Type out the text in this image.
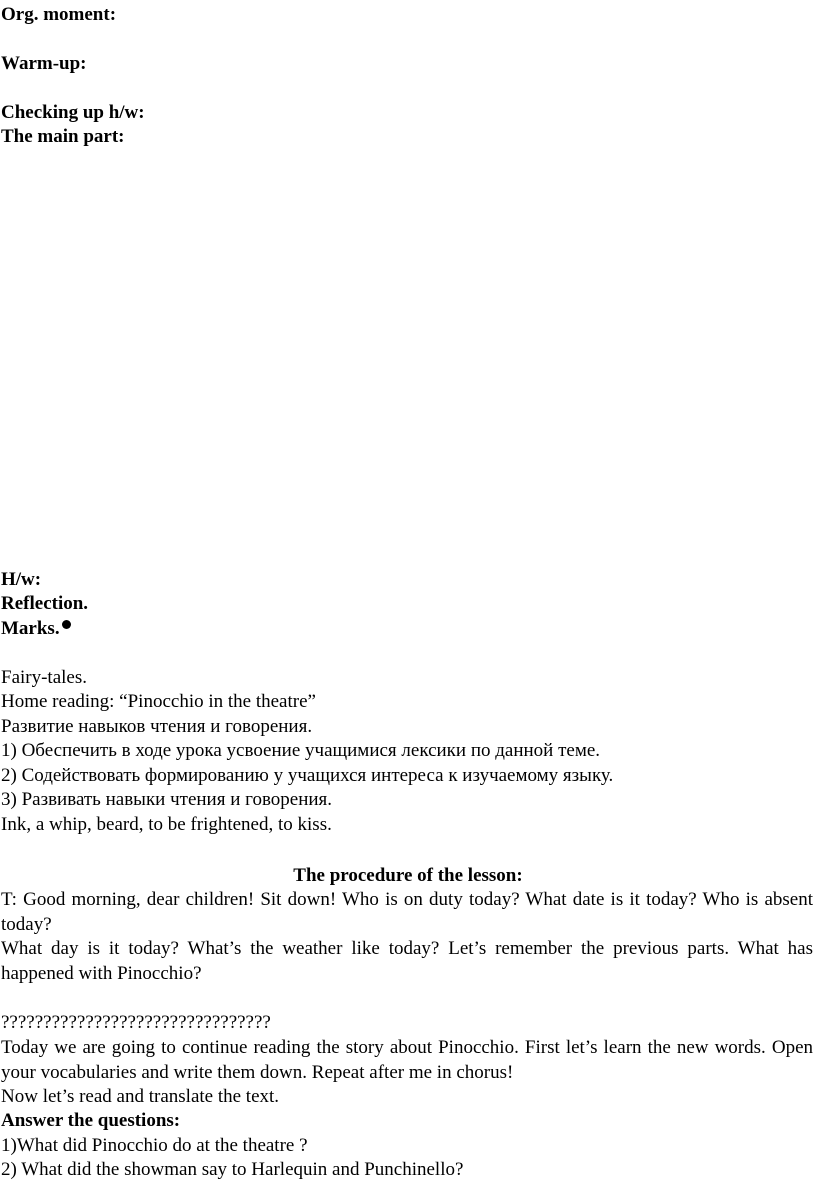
Org. moment:
Warm-up:
Checking up h/w:
The main part:
H/w:
Reflection.
Marks.
Fairy-tales.
Home reading: “Pinocchio in the theatre”
Развитие навыков чтения и говорения.
1) Обеспечить в ходе урока усвоение учащимися лексики по данной теме.
2) Содействовать формированию у учащихся интереса к изучаемому языку.
3) Развивать навыки чтения и говорения.
Ink, a whip, beard, to be frightened, to kiss.
The procedure of the lesson:
T: Good morning, dear children! Sit down! Who is on duty today? What date is it today? Who is absent today?
What day is it today? What’s the weather like today? Let’s remember the previous parts. What has happened with Pinocchio?
????????????????????????????????
Today we are going to continue reading the story about Pinocchio. First let’s learn the new words. Open your vocabularies and write them down. Repeat after me in chorus!
Now let’s read and translate the text.
Answer the questions:
1)What did Pinocchio do at the theatre ?
2) What did the showman say to Harlequin and Punchinello?
